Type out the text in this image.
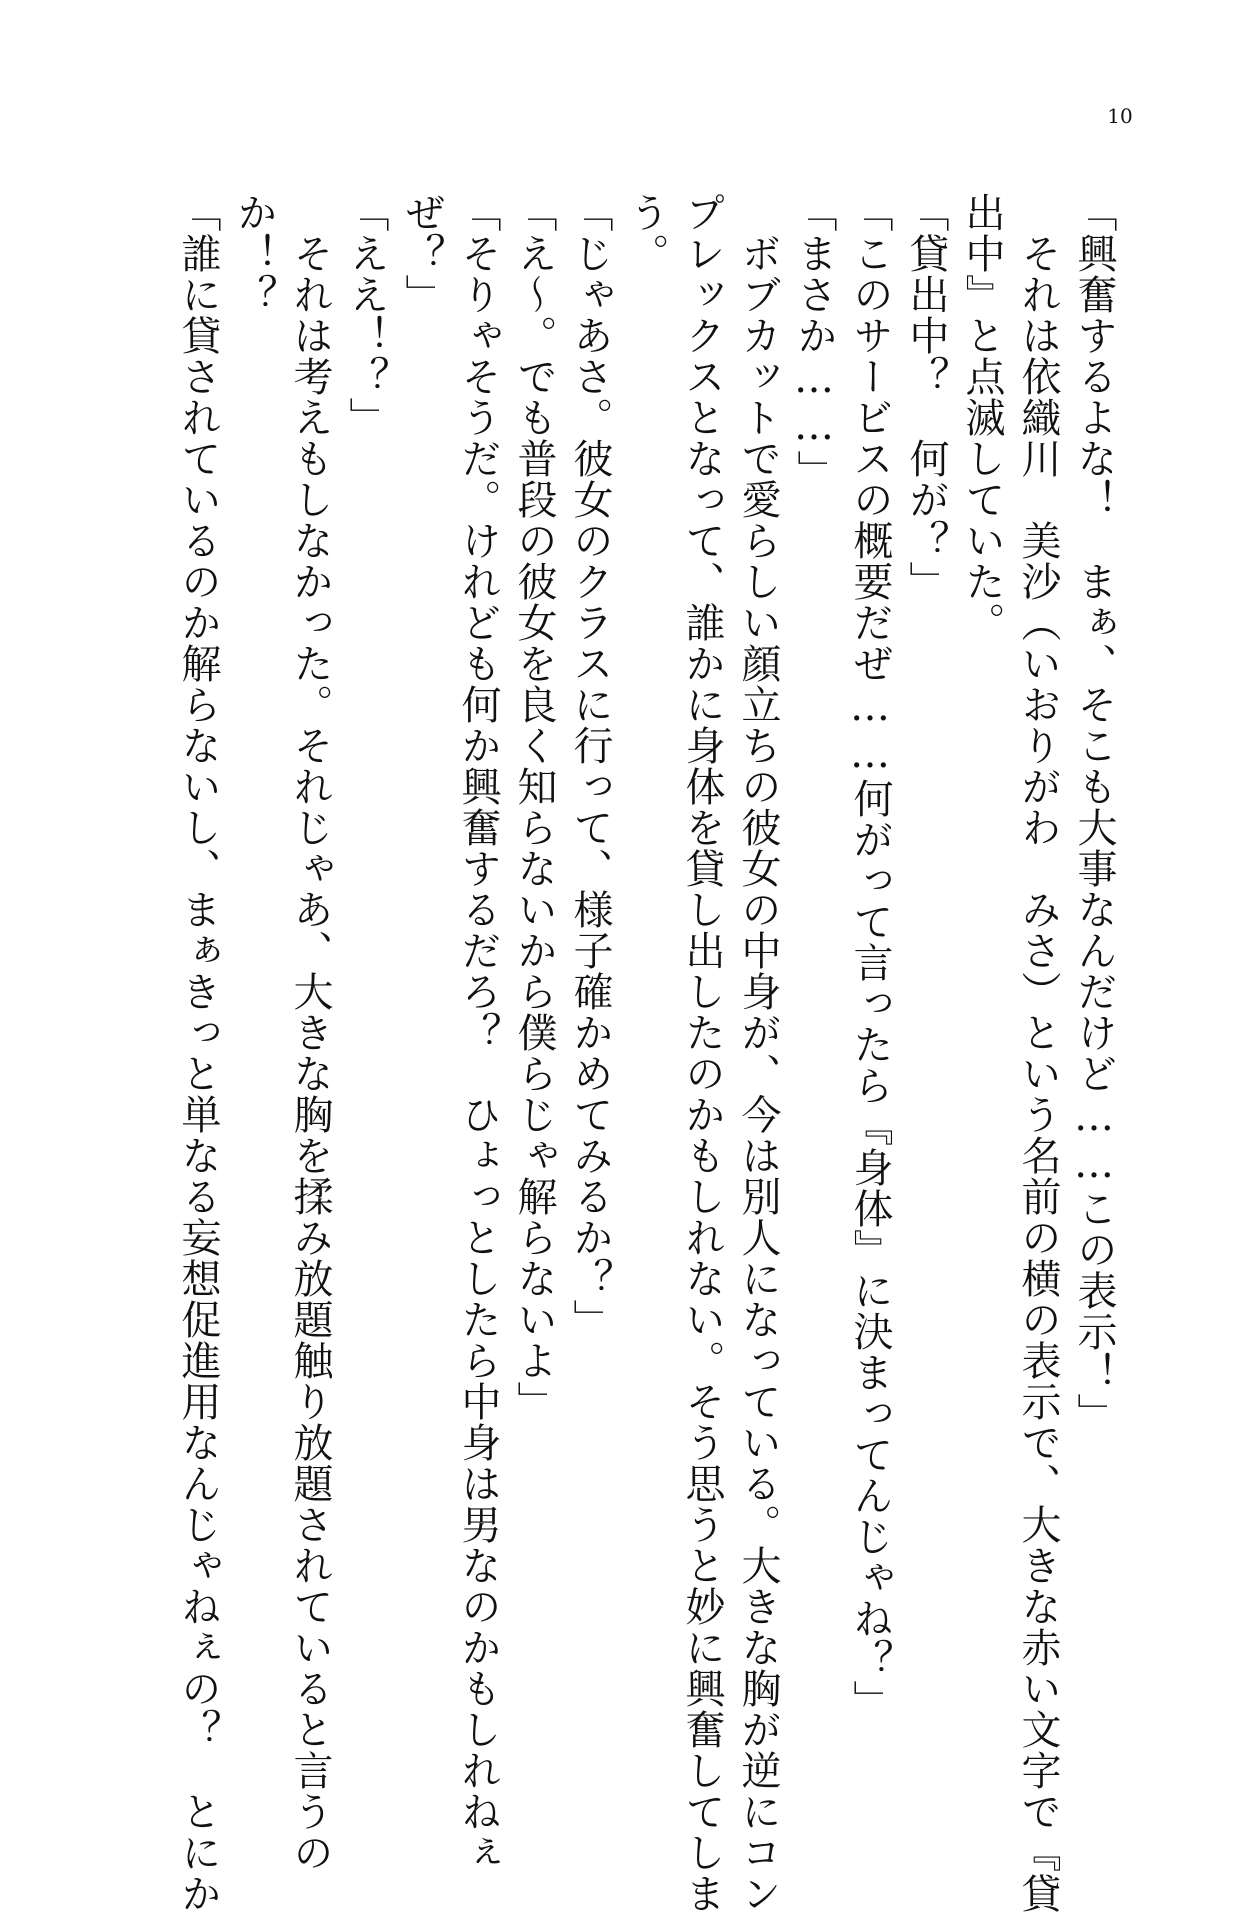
10

「興奮するよな！　まぁ、そこも大事なんだけど……この表示！」

　それは依織川　美沙（いおりがわ　みさ）という名前の横の表示で、大きな赤い文字で『貸

出中』と点滅していた。

「貸出中？　何が？」

「このサービスの概要だぜ……何がって言ったら『身体』に決まってんじゃね？」

「まさか……」

　ボブカットで愛らしい顔立ちの彼女の中身が、今は別人になっている。大きな胸が逆にコン

プレックスとなって、誰かに身体を貸し出したのかもしれない。そう思うと妙に興奮してしま

う。

「じゃあさ。彼女のクラスに行って、様子確かめてみるか？」

「え〜。でも普段の彼女を良く知らないから僕らじゃ解らないよ」

「そりゃそうだ。けれども何か興奮するだろ？　ひょっとしたら中身は男なのかもしれねぇ

ぜ？」

「ええ！？」

　それは考えもしなかった。それじゃあ、大きな胸を揉み放題触り放題されていると言うの

か！？

「誰に貸されているのか解らないし、まぁきっと単なる妄想促進用なんじゃねぇの？　とにか
